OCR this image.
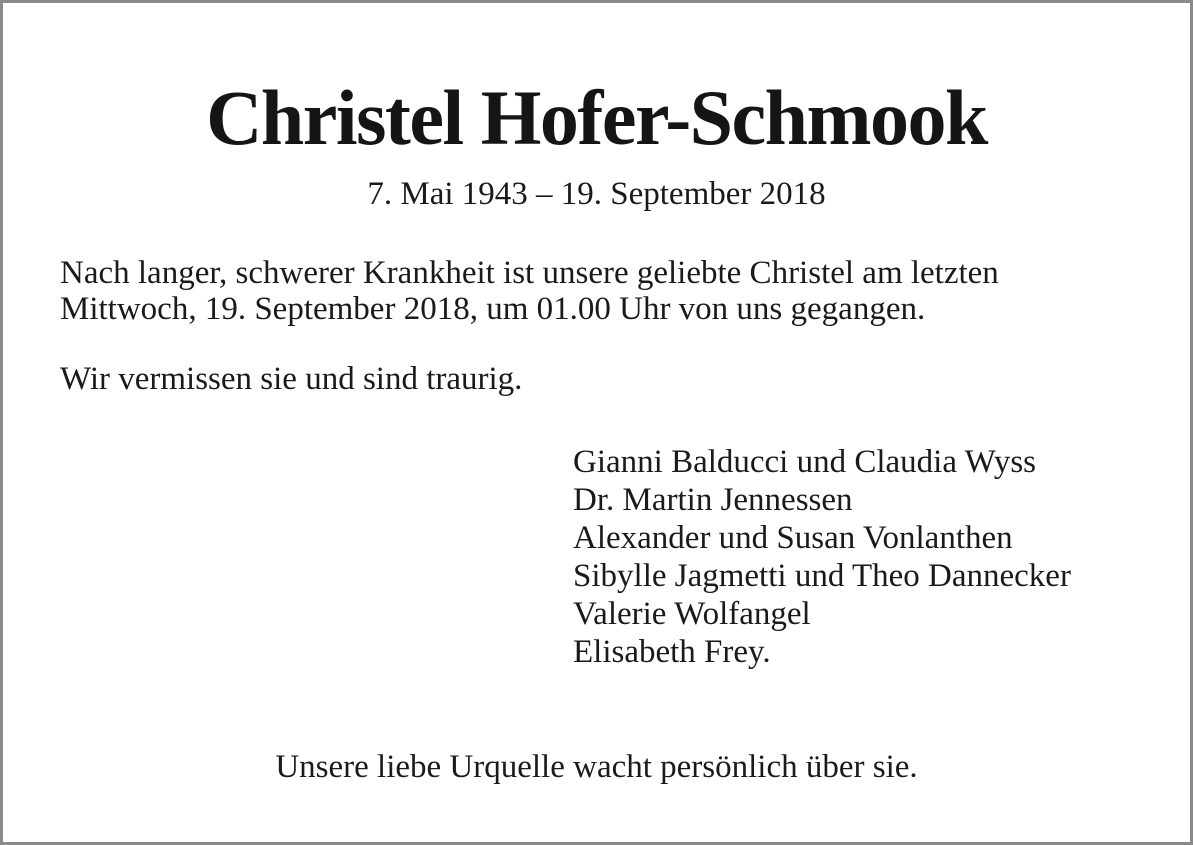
Christel Hofer-Schmook
7. Mai 1943 – 19. September 2018
Nach langer, schwerer Krankheit ist unsere geliebte Christel am letzten
Mittwoch, 19. September 2018, um 01.00 Uhr von uns gegangen.
Wir vermissen sie und sind traurig.
Gianni Balducci und Claudia Wyss
Dr. Martin Jennessen
Alexander und Susan Vonlanthen
Sibylle Jagmetti und Theo Dannecker
Valerie Wolfangel
Elisabeth Frey.
Unsere liebe Urquelle wacht persönlich über sie.
